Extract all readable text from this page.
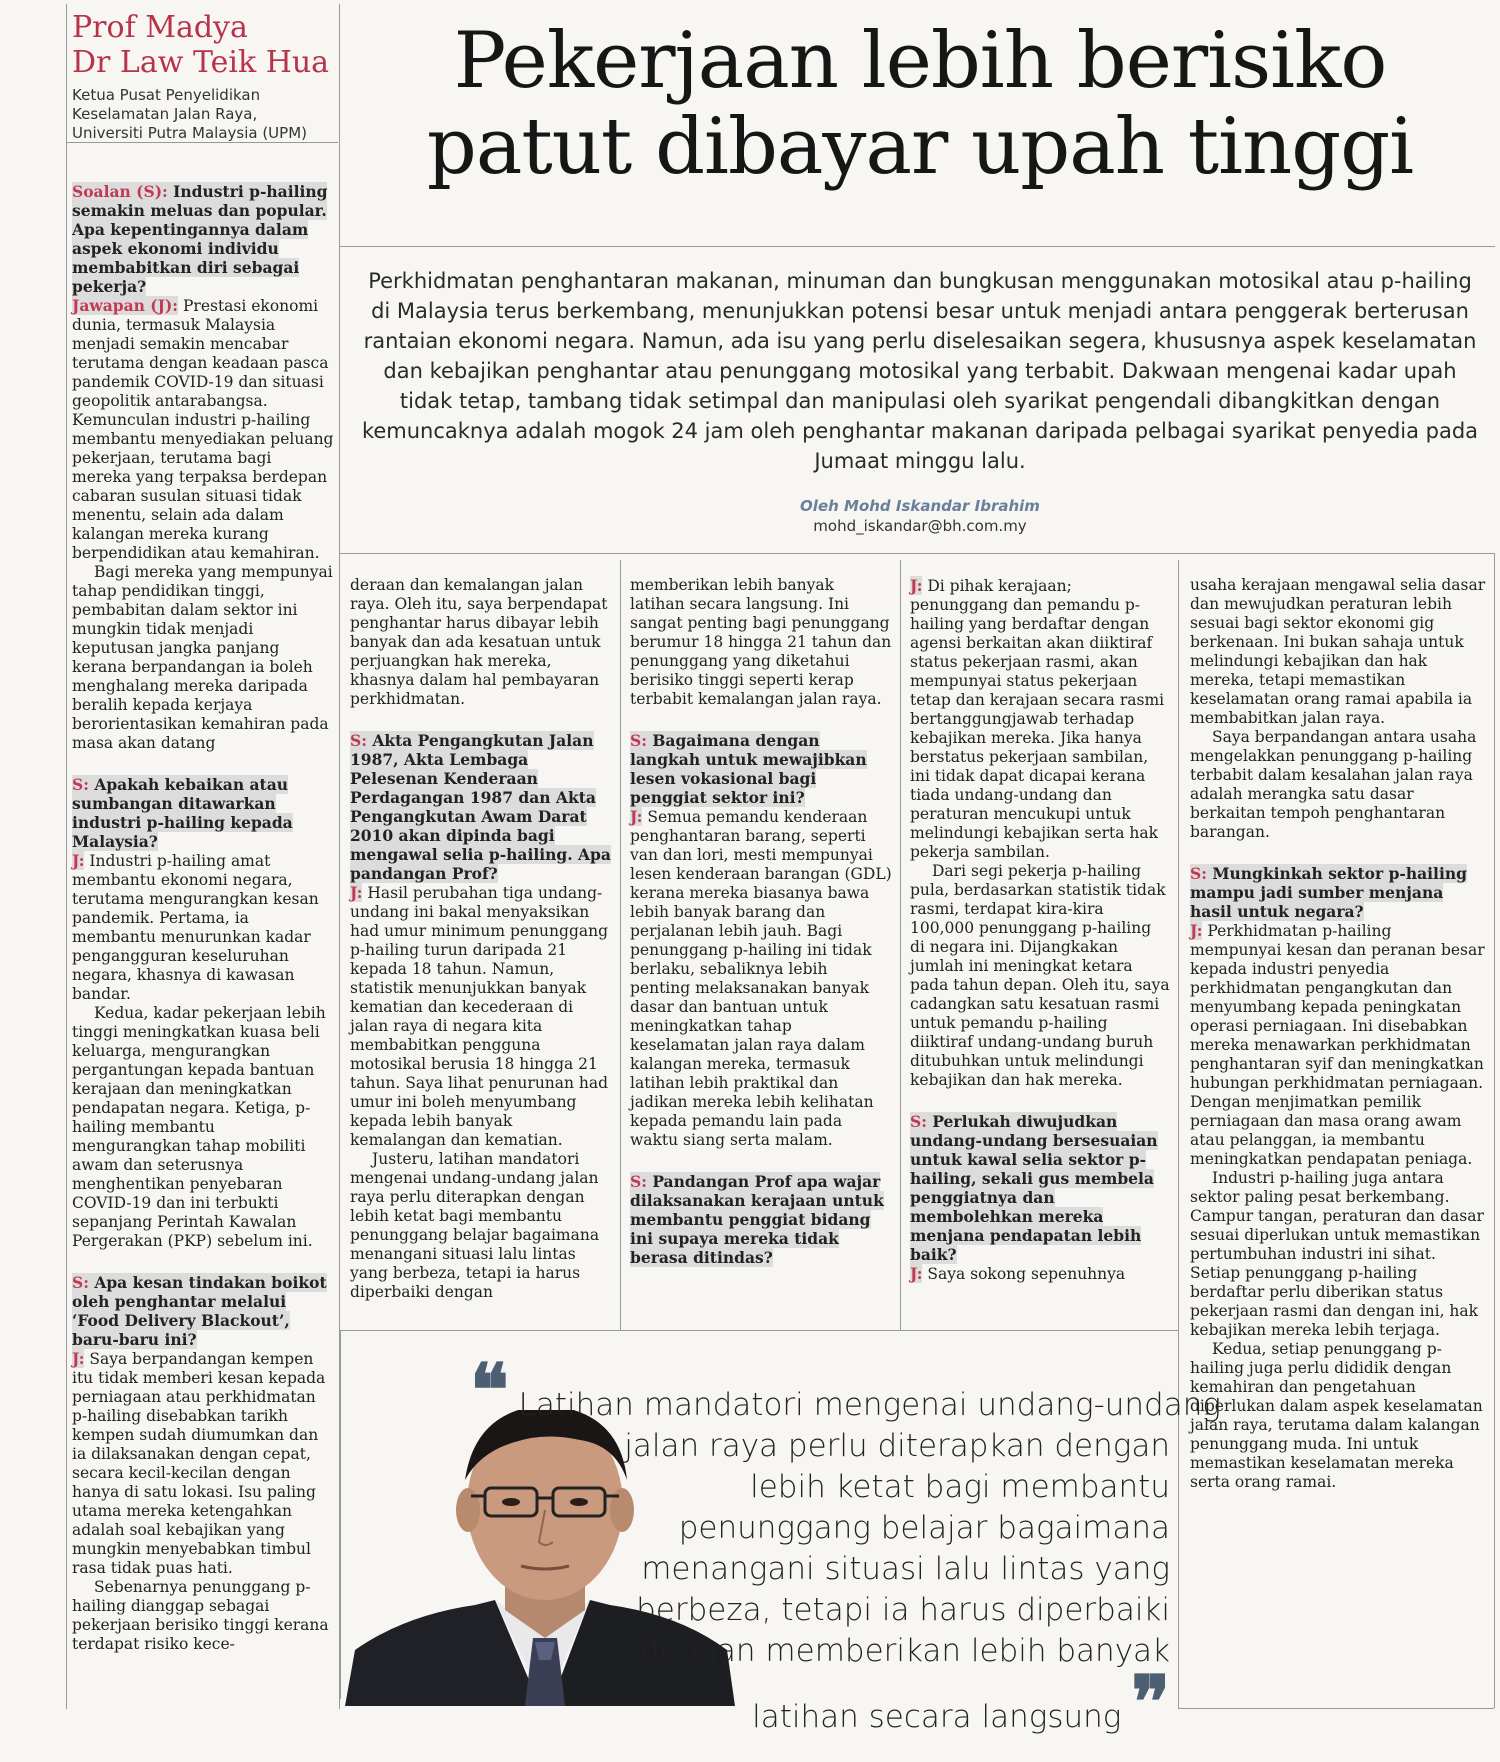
Prof Madya
Dr Law Teik Hua
Ketua Pusat Penyelidikan
Keselamatan Jalan Raya,
Universiti Putra Malaysia (UPM)
Pekerjaan lebih berisiko
patut dibayar upah tinggi
Perkhidmatan penghantaran makanan, minuman dan bungkusan menggunakan motosikal atau p-hailing di Malaysia terus berkembang, menunjukkan potensi besar untuk menjadi antara penggerak berterusan rantaian ekonomi negara. Namun, ada isu yang perlu diselesaikan segera, khususnya aspek keselamatan dan kebajikan penghantar atau penunggang motosikal yang terbabit. Dakwaan mengenai kadar upah tidak tetap, tambang tidak setimpal dan manipulasi oleh syarikat pengendali dibangkitkan dengan kemuncaknya adalah mogok 24 jam oleh penghantar makanan daripada pelbagai syarikat penyedia pada Jumaat minggu lalu.
Oleh Mohd Iskandar Ibrahim
mohd_iskandar@bh.com.my

Soalan (S): Industri p-hailing semakin meluas dan popular. Apa kepentingannya dalam aspek ekonomi individu membabitkan diri sebagai pekerja?

Jawapan (J): Prestasi ekonomi dunia, termasuk Malaysia menjadi semakin mencabar terutama dengan keadaan pasca pandemik COVID-19 dan situasi geopolitik antarabangsa. Kemunculan industri p-hailing membantu menyediakan peluang pekerjaan, terutama bagi mereka yang terpaksa berdepan cabaran susulan situasi tidak menentu, selain ada dalam kalangan mereka kurang berpendidikan atau kemahiran.

Bagi mereka yang mempunyai tahap pendidikan tinggi, pembabitan dalam sektor ini mungkin tidak menjadi keputusan jangka panjang kerana berpandangan ia boleh menghalang mereka daripada beralih kepada kerjaya berorientasikan kemahiran pada masa akan datang

S: Apakah kebaikan atau sumbangan ditawarkan industri p-hailing kepada Malaysia?

J: Industri p-hailing amat membantu ekonomi negara, terutama mengurangkan kesan pandemik. Pertama, ia membantu menurunkan kadar pengangguran keseluruhan negara, khasnya di kawasan bandar.

Kedua, kadar pekerjaan lebih tinggi meningkatkan kuasa beli keluarga, mengurangkan pergantungan kepada bantuan kerajaan dan meningkatkan pendapatan negara. Ketiga, p-hailing membantu mengurangkan tahap mobiliti awam dan seterusnya menghentikan penyebaran COVID-19 dan ini terbukti sepanjang Perintah Kawalan Pergerakan (PKP) sebelum ini.

S: Apa kesan tindakan boikot oleh penghantar melalui ‘Food Delivery Blackout’, baru-baru ini?

J: Saya berpandangan kempen itu tidak memberi kesan kepada perniagaan atau perkhidmatan p-hailing disebabkan tarikh kempen sudah diumumkan dan ia dilaksanakan dengan cepat, secara kecil-kecilan dengan hanya di satu lokasi. Isu paling utama mereka ketengahkan adalah soal kebajikan yang mungkin menyebabkan timbul rasa tidak puas hati.

Sebenarnya penunggang p-hailing dianggap sebagai pekerjaan berisiko tinggi kerana terdapat risiko kece-

deraan dan kemalangan jalan raya. Oleh itu, saya berpendapat penghantar harus dibayar lebih banyak dan ada kesatuan untuk perjuangkan hak mereka, khasnya dalam hal pembayaran perkhidmatan.

S: Akta Pengangkutan Jalan 1987, Akta Lembaga Pelesenan Kenderaan Perdagangan 1987 dan Akta Pengangkutan Awam Darat 2010 akan dipinda bagi mengawal selia p-hailing. Apa pandangan Prof?

J: Hasil perubahan tiga undang-undang ini bakal menyaksikan had umur minimum penunggang p-hailing turun daripada 21 kepada 18 tahun. Namun, statistik menunjukkan banyak kematian dan kecederaan di jalan raya di negara kita membabitkan pengguna motosikal berusia 18 hingga 21 tahun. Saya lihat penurunan had umur ini boleh menyumbang kepada lebih banyak kemalangan dan kematian.

Justeru, latihan mandatori mengenai undang-undang jalan raya perlu diterapkan dengan lebih ketat bagi membantu penunggang belajar bagaimana menangani situasi lalu lintas yang berbeza, tetapi ia harus diperbaiki dengan

memberikan lebih banyak latihan secara langsung. Ini sangat penting bagi penunggang berumur 18 hingga 21 tahun dan penunggang yang diketahui berisiko tinggi seperti kerap terbabit kemalangan jalan raya.

S: Bagaimana dengan langkah untuk mewajibkan lesen vokasional bagi penggiat sektor ini?

J: Semua pemandu kenderaan penghantaran barang, seperti van dan lori, mesti mempunyai lesen kenderaan barangan (GDL) kerana mereka biasanya bawa lebih banyak barang dan perjalanan lebih jauh. Bagi penunggang p-hailing ini tidak berlaku, sebaliknya lebih penting melaksanakan banyak dasar dan bantuan untuk meningkatkan tahap keselamatan jalan raya dalam kalangan mereka, termasuk latihan lebih praktikal dan jadikan mereka lebih kelihatan kepada pemandu lain pada waktu siang serta malam.

S: Pandangan Prof apa wajar dilaksanakan kerajaan untuk membantu penggiat bidang ini supaya mereka tidak berasa ditindas?

J: Di pihak kerajaan; penunggang dan pemandu p-hailing yang berdaftar dengan agensi berkaitan akan diiktiraf status pekerjaan rasmi, akan mempunyai status pekerjaan tetap dan kerajaan secara rasmi bertanggungjawab terhadap kebajikan mereka. Jika hanya berstatus pekerjaan sambilan, ini tidak dapat dicapai kerana tiada undang-undang dan peraturan mencukupi untuk melindungi kebajikan serta hak pekerja sambilan.

Dari segi pekerja p-hailing pula, berdasarkan statistik tidak rasmi, terdapat kira-kira 100,000 penunggang p-hailing di negara ini. Dijangkakan jumlah ini meningkat ketara pada tahun depan. Oleh itu, saya cadangkan satu kesatuan rasmi untuk pemandu p-hailing diiktiraf undang-undang buruh ditubuhkan untuk melindungi kebajikan dan hak mereka.

S: Perlukah diwujudkan undang-undang bersesuaian untuk kawal selia sektor p-hailing, sekali gus membela penggiatnya dan membolehkan mereka menjana pendapatan lebih baik?

J: Saya sokong sepenuhnya

usaha kerajaan mengawal selia dasar dan mewujudkan peraturan lebih sesuai bagi sektor ekonomi gig berkenaan. Ini bukan sahaja untuk melindungi kebajikan dan hak mereka, tetapi memastikan keselamatan orang ramai apabila ia membabitkan jalan raya.

Saya berpandangan antara usaha mengelakkan penunggang p-hailing terbabit dalam kesalahan jalan raya adalah merangka satu dasar berkaitan tempoh penghantaran barangan.

S: Mungkinkah sektor p-hailing mampu jadi sumber menjana hasil untuk negara?

J: Perkhidmatan p-hailing mempunyai kesan dan peranan besar kepada industri penyedia perkhidmatan pengangkutan dan menyumbang kepada peningkatan operasi perniagaan. Ini disebabkan mereka menawarkan perkhidmatan penghantaran syif dan meningkatkan hubungan perkhidmatan perniagaan. Dengan menjimatkan pemilik perniagaan dan masa orang awam atau pelanggan, ia membantu meningkatkan pendapatan peniaga.

Industri p-hailing juga antara sektor paling pesat berkembang. Campur tangan, peraturan dan dasar sesuai diperlukan untuk memastikan pertumbuhan industri ini sihat. Setiap penunggang p-hailing berdaftar perlu diberikan status pekerjaan rasmi dan dengan ini, hak kebajikan mereka lebih terjaga.

Kedua, setiap penunggang p-hailing juga perlu dididik dengan kemahiran dan pengetahuan diperlukan dalam aspek keselamatan jalan raya, terutama dalam kalangan penunggang muda. Ini untuk memastikan keselamatan mereka serta orang ramai.

❝ Latihan mandatori mengenai undang-undang
jalan raya perlu diterapkan dengan
lebih ketat bagi membantu
penunggang belajar bagaimana
menangani situasi lalu lintas yang
berbeza, tetapi ia harus diperbaiki
dengan memberikan lebih banyak
latihan secara langsung ❞
